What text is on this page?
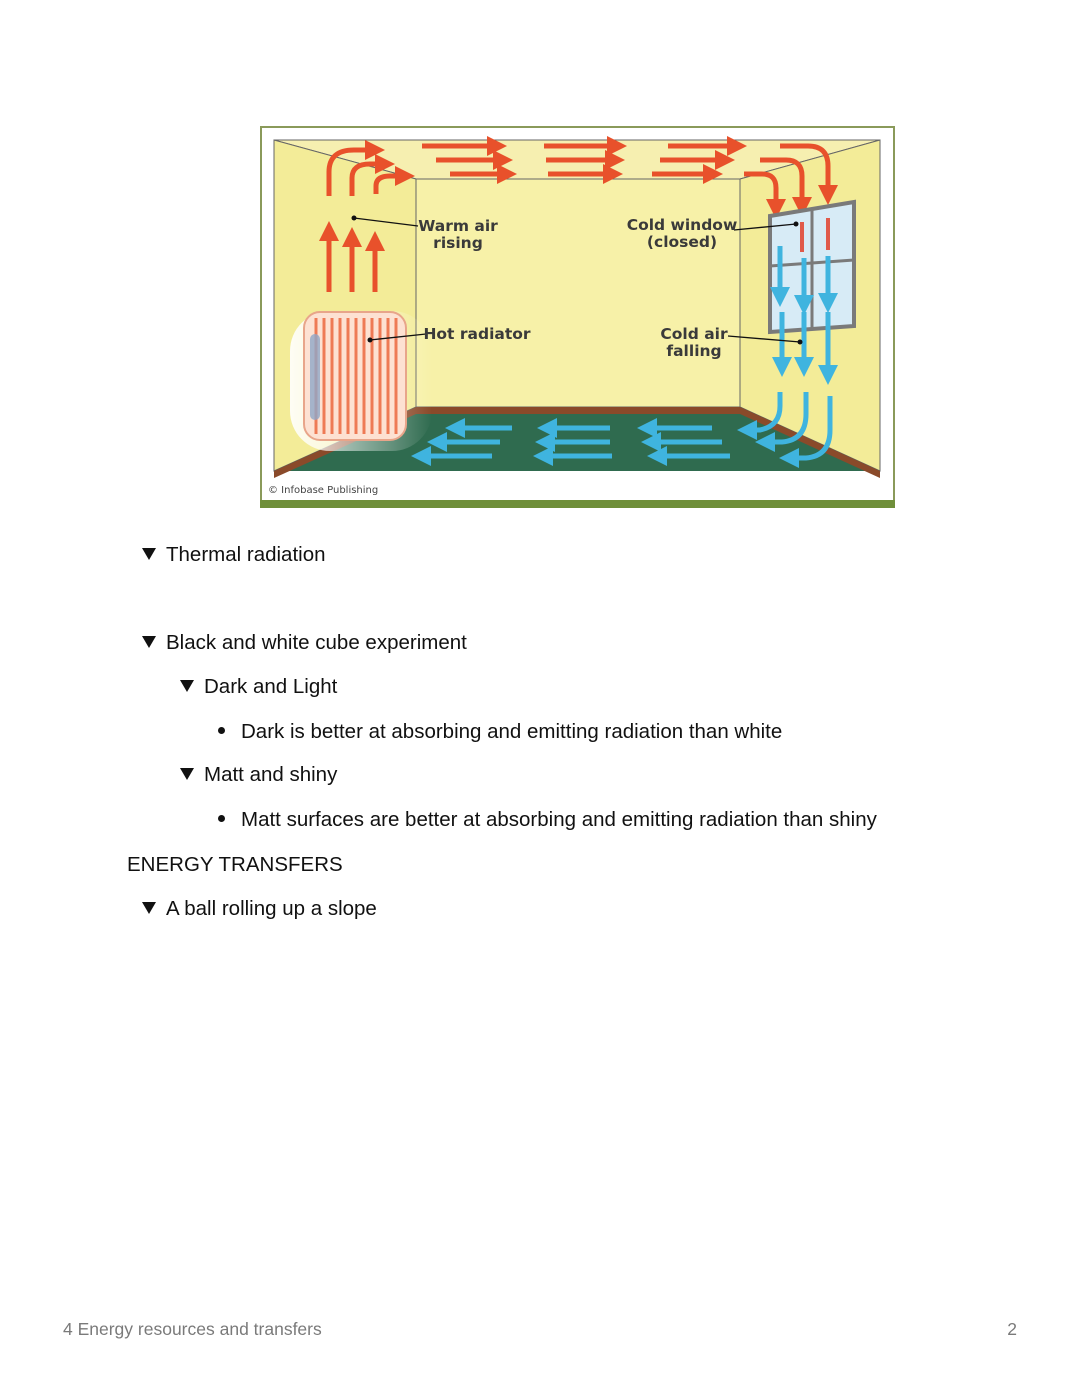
Warm air
rising
Cold window
(closed)
Hot radiator	Cold air
falling
© Infobase Publishing
Thermal radiation
Black and white cube experiment
Dark and Light
Dark is better at absorbing and emitting radiation than white
Matt and shiny
Matt surfaces are better at absorbing and emitting radiation than shiny
ENERGY TRANSFERS
A ball rolling up a slope
4 Energy resources and transfers	2
